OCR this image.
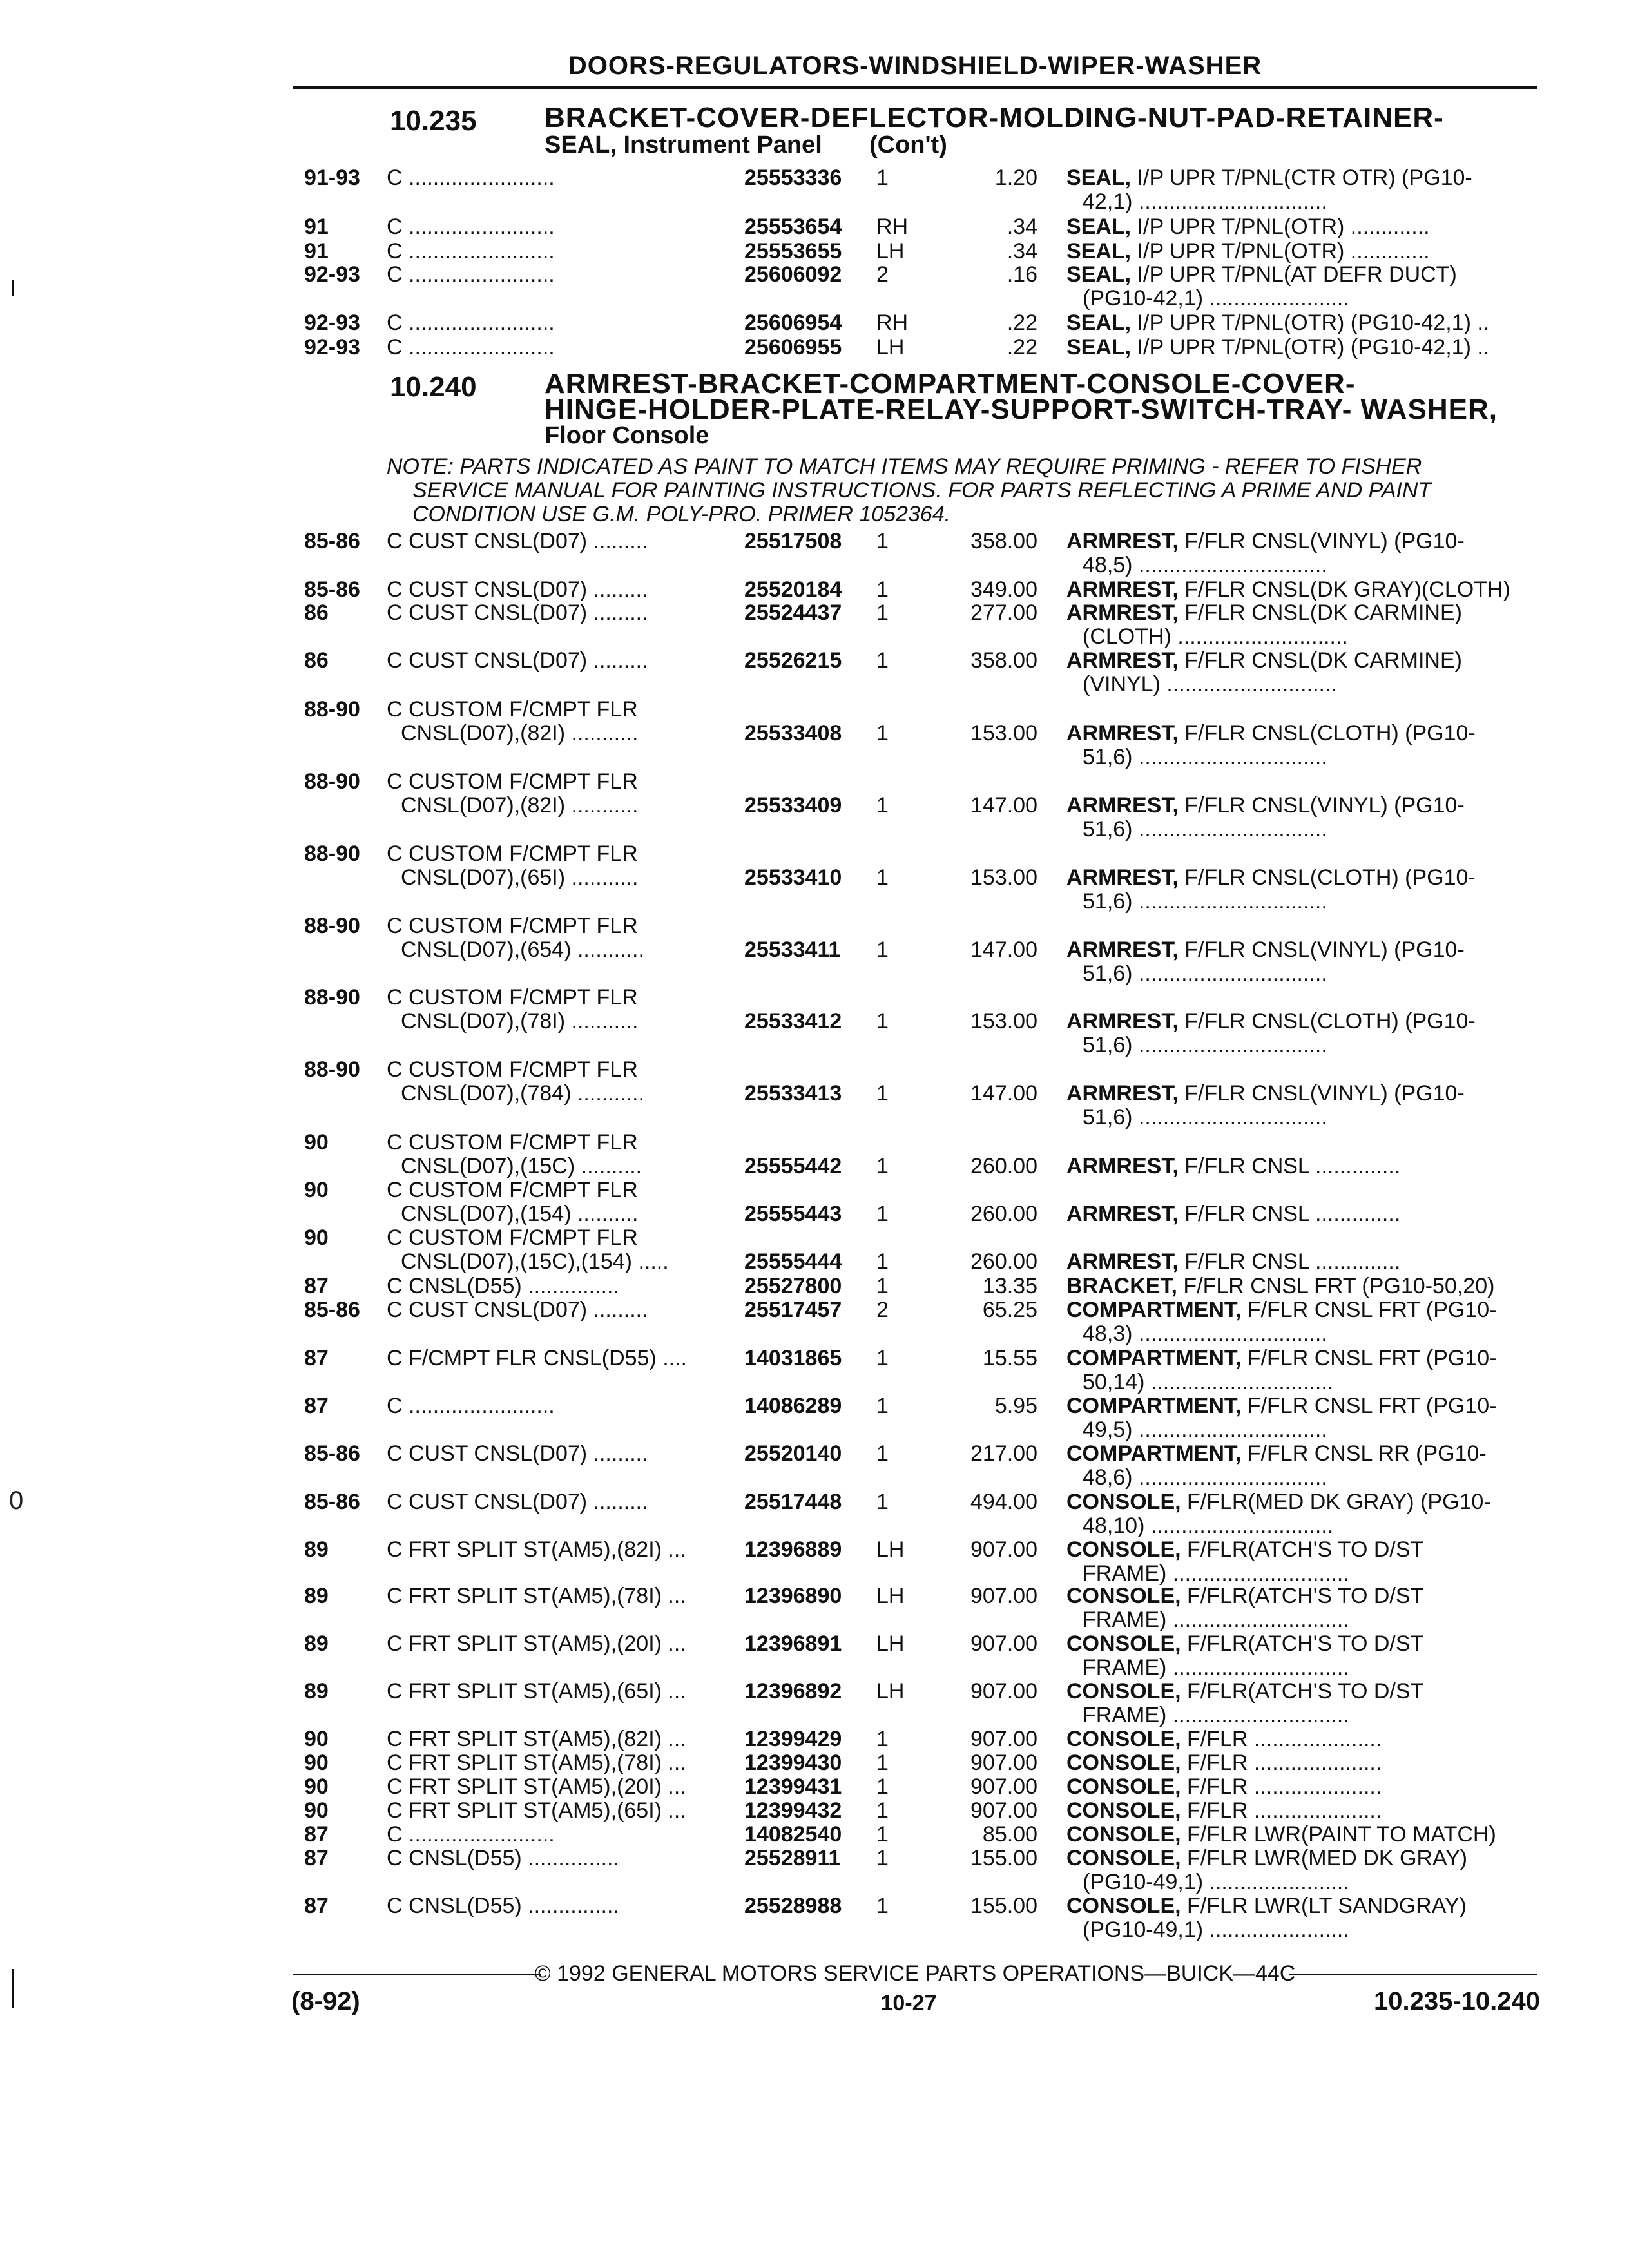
DOORS-REGULATORS-WINDSHIELD-WIPER-WASHER
10.235 BRACKET-COVER-DEFLECTOR-MOLDING-NUT-PAD-RETAINER-
SEAL, Instrument Panel (Con't)
10.240 ARMREST-BRACKET-COMPARTMENT-CONSOLE-COVER-
HINGE-HOLDER-PLATE-RELAY-SUPPORT-SWITCH-TRAY- WASHER,
Floor Console
NOTE: PARTS INDICATED AS PAINT TO MATCH ITEMS MAY REQUIRE PRIMING - REFER TO FISHER
SERVICE MANUAL FOR PAINTING INSTRUCTIONS. FOR PARTS REFLECTING A PRIME AND PAINT
CONDITION USE G.M. POLY-PRO. PRIMER 1052364.
91-93	C ........................	25553336	1	1.20 SEAL, I/P UPR T/PNL(CTR OTR) (PG10-
42,1) ...............................
91	C ........................	25553654	RH	.34 SEAL, I/P UPR T/PNL(OTR) .............
91	C ........................	25553655	LH	.34 SEAL, I/P UPR T/PNL(OTR) .............
92-93	C ........................	25606092	2	.16 SEAL, I/P UPR T/PNL(AT DEFR DUCT)
(PG10-42,1) .......................
92-93	C ........................	25606954	RH	.22 SEAL, I/P UPR T/PNL(OTR) (PG10-42,1) ..
92-93	C ........................	25606955	LH	.22 SEAL, I/P UPR T/PNL(OTR) (PG10-42,1) ..
85-86	C CUST CNSL(D07) .........	25517508	1	358.00 ARMREST, F/FLR CNSL(VINYL) (PG10-
48,5) ...............................
85-86	C CUST CNSL(D07) .........	25520184	1	349.00 ARMREST, F/FLR CNSL(DK GRAY)(CLOTH)
86	C CUST CNSL(D07) .........	25524437	1	277.00 ARMREST, F/FLR CNSL(DK CARMINE)
(CLOTH) ............................
86	C CUST CNSL(D07) .........	25526215	1	358.00 ARMREST, F/FLR CNSL(DK CARMINE)
(VINYL) ............................
88-90	C CUSTOM F/CMPT FLR
CNSL(D07),(82I) ...........	25533408	1	153.00 ARMREST, F/FLR CNSL(CLOTH) (PG10-
51,6) ...............................
88-90	C CUSTOM F/CMPT FLR
CNSL(D07),(82I) ...........	25533409	1	147.00 ARMREST, F/FLR CNSL(VINYL) (PG10-
51,6) ...............................
88-90	C CUSTOM F/CMPT FLR
CNSL(D07),(65I) ...........	25533410	1	153.00 ARMREST, F/FLR CNSL(CLOTH) (PG10-
51,6) ...............................
88-90	C CUSTOM F/CMPT FLR
CNSL(D07),(654) ...........	25533411	1	147.00 ARMREST, F/FLR CNSL(VINYL) (PG10-
51,6) ...............................
88-90	C CUSTOM F/CMPT FLR
CNSL(D07),(78I) ...........	25533412	1	153.00 ARMREST, F/FLR CNSL(CLOTH) (PG10-
51,6) ...............................
88-90	C CUSTOM F/CMPT FLR
CNSL(D07),(784) ...........	25533413	1	147.00 ARMREST, F/FLR CNSL(VINYL) (PG10-
51,6) ...............................
90	C CUSTOM F/CMPT FLR
CNSL(D07),(15C) ..........	25555442	1	260.00 ARMREST, F/FLR CNSL ..............
90	C CUSTOM F/CMPT FLR
CNSL(D07),(154) ..........	25555443	1	260.00 ARMREST, F/FLR CNSL ..............
90	C CUSTOM F/CMPT FLR
CNSL(D07),(15C),(154) .....	25555444	1	260.00 ARMREST, F/FLR CNSL ..............
87	C CNSL(D55) ...............	25527800	1	13.35 BRACKET, F/FLR CNSL FRT (PG10-50,20)
85-86	C CUST CNSL(D07) .........	25517457	2	65.25 COMPARTMENT, F/FLR CNSL FRT (PG10-
48,3) ...............................
87	C F/CMPT FLR CNSL(D55) ....	14031865	1	15.55 COMPARTMENT, F/FLR CNSL FRT (PG10-
50,14) ..............................
87	C ........................	14086289	1	5.95 COMPARTMENT, F/FLR CNSL FRT (PG10-
49,5) ...............................
85-86	C CUST CNSL(D07) .........	25520140	1	217.00 COMPARTMENT, F/FLR CNSL RR (PG10-
48,6) ...............................
85-86	C CUST CNSL(D07) .........	25517448	1	494.00 CONSOLE, F/FLR(MED DK GRAY) (PG10-
48,10) ..............................
89	C FRT SPLIT ST(AM5),(82I) ...	12396889	LH	907.00 CONSOLE, F/FLR(ATCH'S TO D/ST
FRAME) .............................
89	C FRT SPLIT ST(AM5),(78I) ...	12396890	LH	907.00 CONSOLE, F/FLR(ATCH'S TO D/ST
FRAME) .............................
89	C FRT SPLIT ST(AM5),(20I) ...	12396891	LH	907.00 CONSOLE, F/FLR(ATCH'S TO D/ST
FRAME) .............................
89	C FRT SPLIT ST(AM5),(65I) ...	12396892	LH	907.00 CONSOLE, F/FLR(ATCH'S TO D/ST
FRAME) .............................
90	C FRT SPLIT ST(AM5),(82I) ...	12399429	1	907.00 CONSOLE, F/FLR .....................
90	C FRT SPLIT ST(AM5),(78I) ...	12399430	1	907.00 CONSOLE, F/FLR .....................
90	C FRT SPLIT ST(AM5),(20I) ...	12399431	1	907.00 CONSOLE, F/FLR .....................
90	C FRT SPLIT ST(AM5),(65I) ...	12399432	1	907.00 CONSOLE, F/FLR .....................
87	C ........................	14082540	1	85.00 CONSOLE, F/FLR LWR(PAINT TO MATCH)
87	C CNSL(D55) ...............	25528911	1	155.00 CONSOLE, F/FLR LWR(MED DK GRAY)
(PG10-49,1) .......................
87	C CNSL(D55) ...............	25528988	1	155.00 CONSOLE, F/FLR LWR(LT SANDGRAY)
(PG10-49,1) .......................
© 1992 GENERAL MOTORS SERVICE PARTS OPERATIONS—BUICK—44C
(8-92)	10-27	10.235-10.240
0
